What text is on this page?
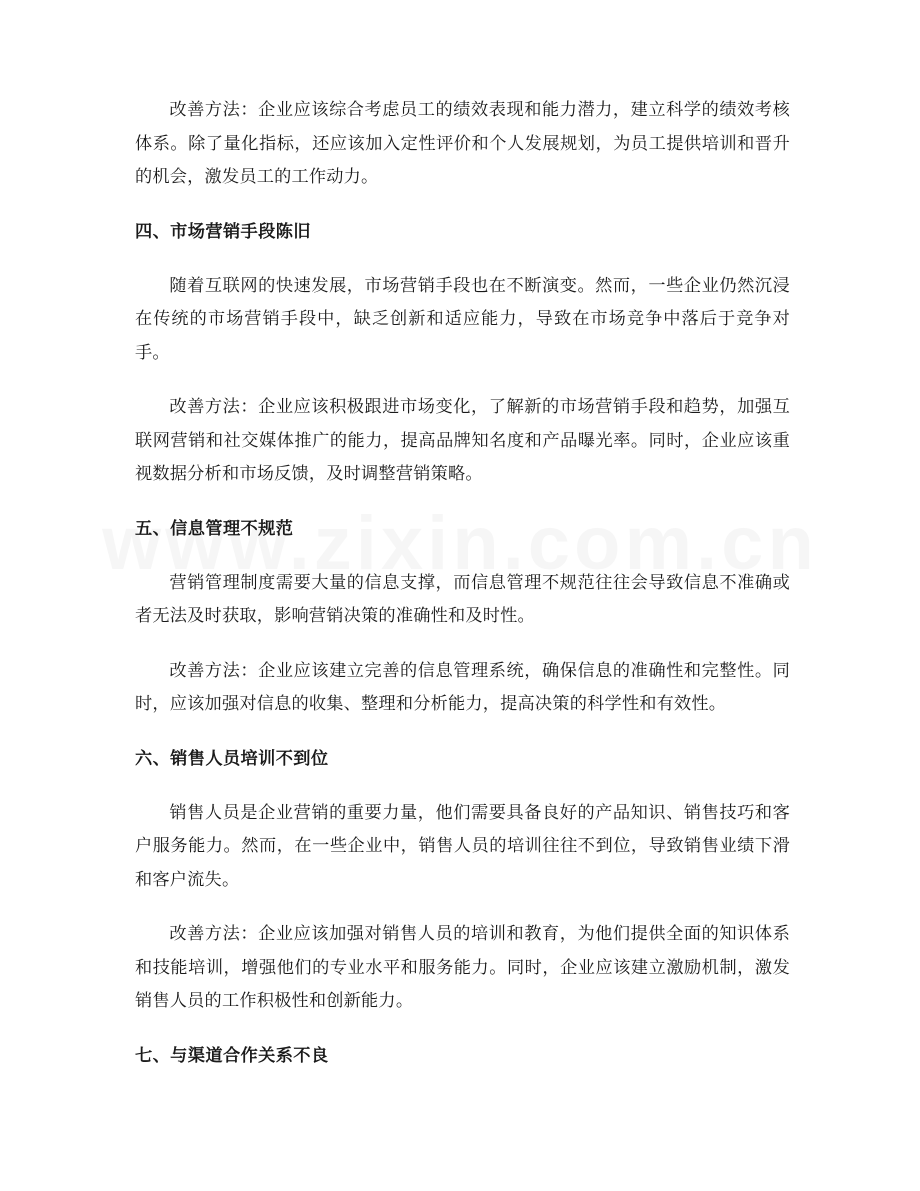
改善方法：企业应该综合考虑员工的绩效表现和能力潜力，建立科学的绩效考核体系。除了量化指标，还应该加入定性评价和个人发展规划，为员工提供培训和晋升的机会，激发员工的工作动力。

四、市场营销手段陈旧

随着互联网的快速发展，市场营销手段也在不断演变。然而，一些企业仍然沉浸在传统的市场营销手段中，缺乏创新和适应能力，导致在市场竞争中落后于竞争对手。

改善方法：企业应该积极跟进市场变化，了解新的市场营销手段和趋势，加强互联网营销和社交媒体推广的能力，提高品牌知名度和产品曝光率。同时，企业应该重视数据分析和市场反馈，及时调整营销策略。

五、信息管理不规范

营销管理制度需要大量的信息支撑，而信息管理不规范往往会导致信息不准确或者无法及时获取，影响营销决策的准确性和及时性。

改善方法：企业应该建立完善的信息管理系统，确保信息的准确性和完整性。同时，应该加强对信息的收集、整理和分析能力，提高决策的科学性和有效性。

六、销售人员培训不到位

销售人员是企业营销的重要力量，他们需要具备良好的产品知识、销售技巧和客户服务能力。然而，在一些企业中，销售人员的培训往往不到位，导致销售业绩下滑和客户流失。

改善方法：企业应该加强对销售人员的培训和教育，为他们提供全面的知识体系和技能培训，增强他们的专业水平和服务能力。同时，企业应该建立激励机制，激发销售人员的工作积极性和创新能力。

七、与渠道合作关系不良
